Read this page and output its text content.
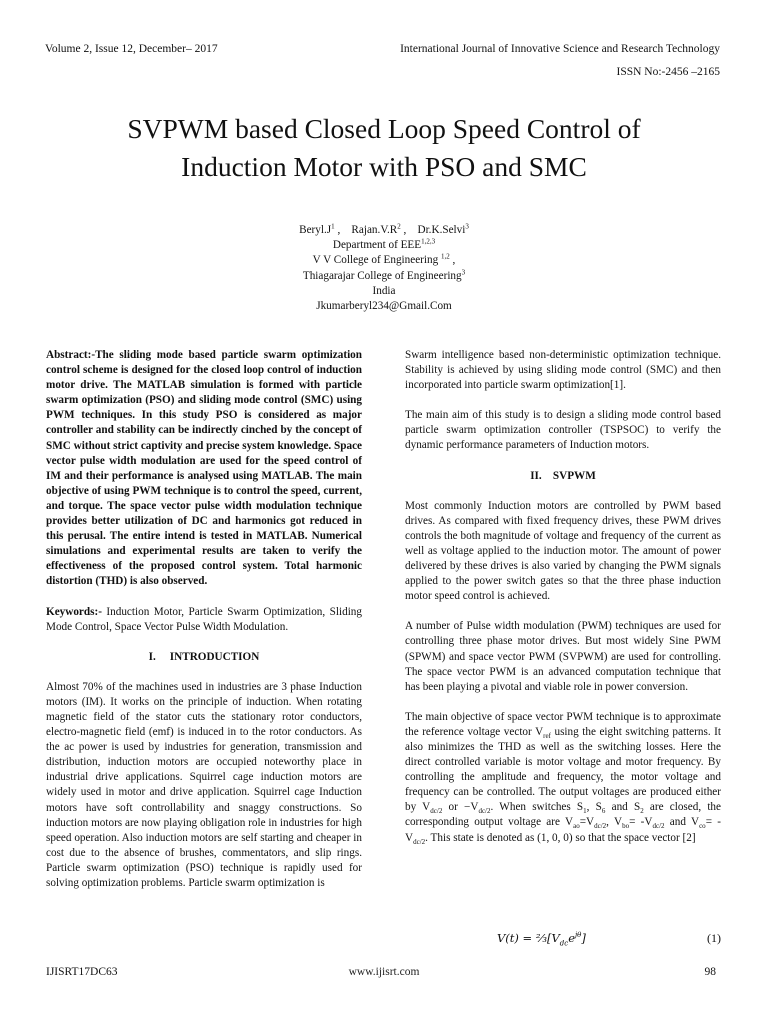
Volume 2, Issue 12, December– 2017	International Journal of Innovative Science and Research Technology
ISSN No:-2456 –2165
SVPWM based Closed Loop Speed Control of
Induction Motor with PSO and SMC
$Beryl.J^1$ ,    $Rajan.V.R^2$ ,    Dr.K.Selvi$^3$
Department of EEE$^{1,2,3}$
V V College of Engineering $^{1,2}$ ,
Thiagarajar College of Engineering$^3$
India
Jkumarberyl234@Gmail.Com

Abstract:-The sliding mode based particle swarm optimization control scheme is designed for the closed loop control of induction motor drive. The MATLAB simulation is formed with particle swarm optimization (PSO) and sliding mode control (SMC) using PWM techniques. In this study PSO is considered as major controller and stability can be indirectly cinched by the concept of SMC without strict captivity and precise system knowledge. Space vector pulse width modulation are used for the speed control of IM and their performance is analysed using MATLAB. The main objective of using PWM technique is to control the speed, current, and torque. The space vector pulse width modulation technique provides better utilization of DC and harmonics got reduced in this perusal. The entire intend is tested in MATLAB. Numerical simulations and experimental results are taken to verify the effectiveness of the proposed control system. Total harmonic distortion (THD) is also observed.

Keywords:- Induction Motor, Particle Swarm Optimization, Sliding Mode Control, Space Vector Pulse Width Modulation.

I.     INTRODUCTION

Almost 70% of the machines used in industries are 3 phase Induction motors (IM). It works on the principle of induction. When rotating magnetic field of the stator cuts the stationary rotor conductors, electro-magnetic field (emf) is induced in to the rotor conductors. As the ac power is used by industries for generation, transmission and distribution, induction motors are occupied noteworthy place in industrial drive applications. Squirrel cage induction motors are widely used in motor and drive application. Squirrel cage Induction motors have soft controllability and snaggy constructions. So induction motors are now playing obligation role in industries for high speed operation. Also induction motors are self starting and cheaper in cost due to the absence of brushes, commentators, and slip rings. Particle swarm optimization (PSO) technique is rapidly used for solving optimization problems. Particle swarm optimization is

Swarm intelligence based non-deterministic optimization technique. Stability is achieved by using sliding mode control (SMC) and then incorporated into particle swarm optimization[1].

The main aim of this study is to design a sliding mode control based particle swarm optimization controller (TSPSOC) to verify the dynamic performance parameters of Induction motors.

II.    SVPWM

Most commonly Induction motors are controlled by PWM based drives. As compared with fixed frequency drives, these PWM drives controls the both magnitude of voltage and frequency of the current as well as voltage applied to the induction motor. The amount of power delivered by these drives is also varied by changing the PWM signals applied to the power switch gates so that the three phase induction motor speed control is achieved.

A number of Pulse width modulation (PWM) techniques are used for controlling three phase motor drives. But most widely Sine PWM (SPWM) and space vector PWM (SVPWM) are used for controlling. The space vector PWM is an advanced computation technique that has been playing a pivotal and viable role in power conversion.

The main objective of space vector PWM technique is to approximate the reference voltage vector $V_{ref}$ using the eight switching patterns. It also minimizes the THD as well as the switching losses. Here the direct controlled variable is motor voltage and motor frequency. By controlling the amplitude and frequency, the motor voltage and frequency can be controlled. The output voltages are produced either by $V_{dc/2}$ or $-V_{dc/2}$. When switches $S_1$, $S_6$ and $S_2$ are closed, the corresponding output voltage are $V_{ao}=V_{dc/2}$, $V_{bo}= -V_{dc/2}$ and $V_{co}= -V_{dc/2}$. This state is denoted as (1, 0, 0) so that the space vector [2]

$V(t) = \frac{2}{3}[V_{dc}e^{j\theta}]$	(1)
IJISRT17DC63	www.ijisrt.com	98
